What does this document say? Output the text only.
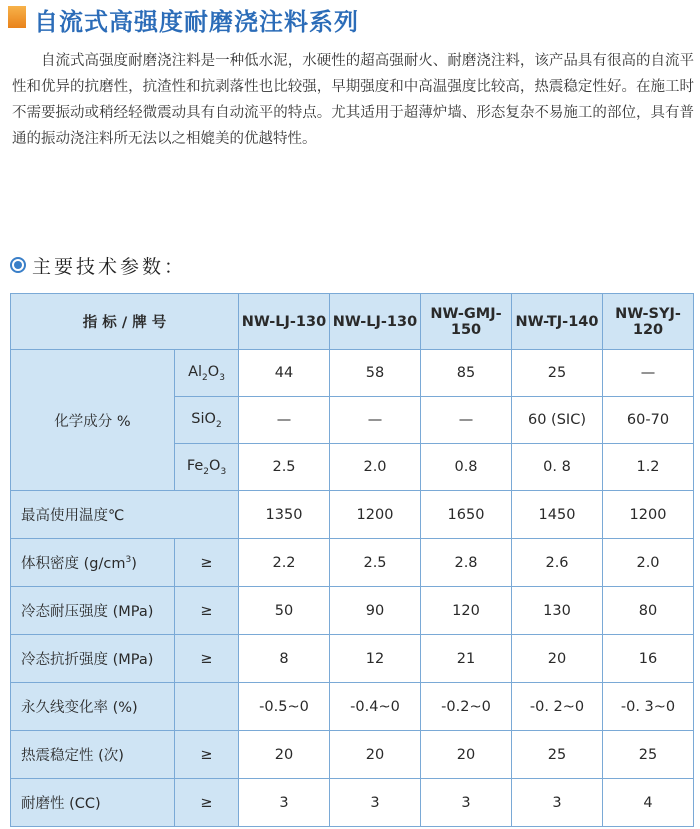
自流式高强度耐磨浇注料系列

自流式高强度耐磨浇注料是一种低水泥，水硬性的超高强耐火、耐磨浇注料，该产品具有很高的自流平性和优异的抗磨性，抗渣性和抗剥落性也比较强，早期强度和中高温强度比较高，热震稳定性好。在施工时不需要振动或稍经轻微震动具有自动流平的特点。尤其适用于超薄炉墙、形态复杂不易施工的部位，具有普通的振动浇注料所无法以之相媲美的优越特性。

主要技术参数：
指 标 / 牌 号		NW-LJ-130	NW-LJ-130	NW-GMJ-150	NW-TJ-140	NW-SYJ-120
化学成分 %	$Al_2O_3$	44	58	85	25	—
	SiO$_2$	—	—	—	60 (SIC)	60-70
	$Fe_2O_3$	2.5	2.0	0.8	0. 8	1.2
最高使用温度℃		1350	1200	1650	1450	1200
体积密度 $(g/cm^3)$	≥	2.2	2.5	2.8	2.6	2.0
冷态耐压强度 (MPa)	≥	50	90	120	130	80
冷态抗折强度 (MPa)	≥	8	12	21	20	16
永久线变化率 (%)		-0.5~0	-0.4~0	-0.2~0	-0. 2~0	-0. 3~0
热震稳定性 (次)	≥	20	20	20	25	25
耐磨性 (CC)	≥	3	3	3	3	4
